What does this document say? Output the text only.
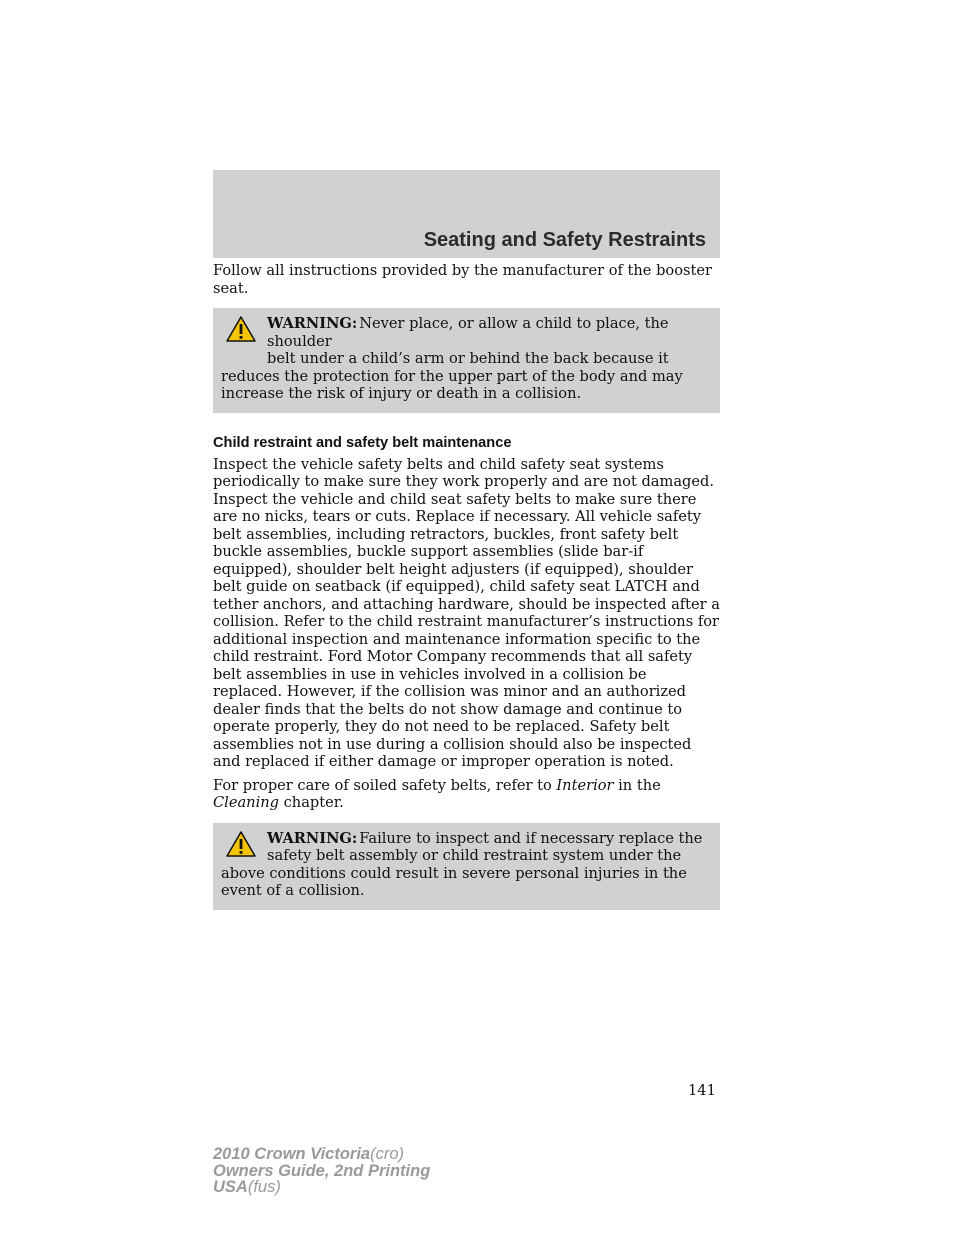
Seating and Safety Restraints

Follow all instructions provided by the manufacturer of the booster seat.

WARNING: Never place, or allow a child to place, the shoulder
belt under a child’s arm or behind the back because it reduces the protection for the upper part of the body and may increase the risk of injury or death in a collision.

Child restraint and safety belt maintenance

Inspect the vehicle safety belts and child safety seat systems periodically to make sure they work properly and are not damaged. Inspect the vehicle and child seat safety belts to make sure there are no nicks, tears or cuts. Replace if necessary. All vehicle safety belt assemblies, including retractors, buckles, front safety belt buckle assemblies, buckle support assemblies (slide bar-if equipped), shoulder belt height adjusters (if equipped), shoulder belt guide on seatback (if equipped), child safety seat LATCH and tether anchors, and attaching hardware, should be inspected after a collision. Refer to the child restraint manufacturer’s instructions for additional inspection and maintenance information specific to the child restraint. Ford Motor Company recommends that all safety belt assemblies in use in vehicles involved in a collision be replaced. However, if the collision was minor and an authorized dealer finds that the belts do not show damage and continue to operate properly, they do not need to be replaced. Safety belt assemblies not in use during a collision should also be inspected and replaced if either damage or improper operation is noted.

For proper care of soiled safety belts, refer to Interior in the Cleaning chapter.

WARNING: Failure to inspect and if necessary replace the
safety belt assembly or child restraint system under the above conditions could result in severe personal injuries in the event of a collision.
141
2010 Crown Victoria(cro)
Owners Guide, 2nd Printing
USA(fus)
